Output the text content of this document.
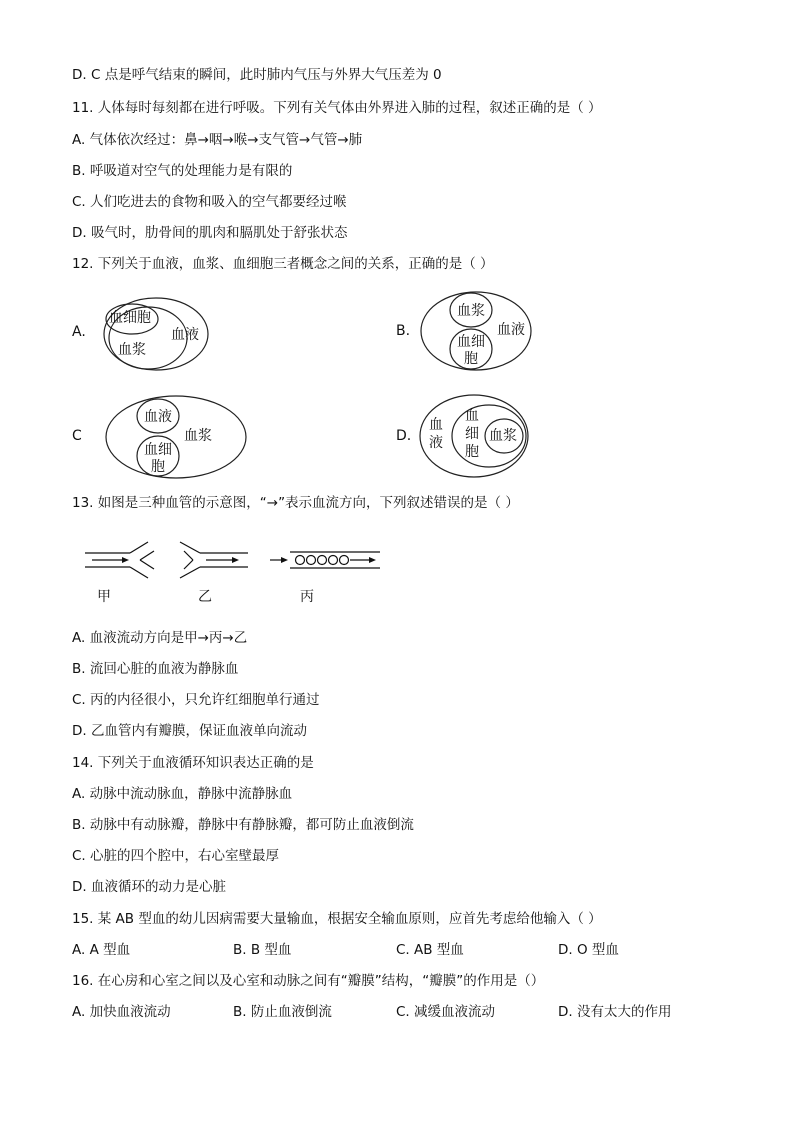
D. C 点是呼气结束的瞬间，此时肺内气压与外界大气压差为 0
11. 人体每时每刻都在进行呼吸。下列有关气体由外界进入肺的过程，叙述正确的是（ ）
A. 气体依次经过：鼻→咽→喉→支气管→气管→肺
B. 呼吸道对空气的处理能力是有限的
C. 人们吃进去的食物和吸入的空气都要经过喉
D. 吸气时，肋骨间的肌肉和膈肌处于舒张状态
12. 下列关于血液，血浆、血细胞三者概念之间的关系，正确的是（ ）
A.
血细胞
血浆
血液	B.
血浆
血细
胞
血液
C
血液
血细
胞
血浆	D.
血
液
血
细
胞
血浆
13. 如图是三种血管的示意图，“→”表示血流方向，下列叙述错误的是（ ）
甲	乙	丙
A. 血液流动方向是甲→丙→乙
B. 流回心脏的血液为静脉血
C. 丙的内径很小，只允许红细胞单行通过
D. 乙血管内有瓣膜，保证血液单向流动
14. 下列关于血液循环知识表达正确的是
A. 动脉中流动脉血，静脉中流静脉血
B. 动脉中有动脉瓣，静脉中有静脉瓣，都可防止血液倒流
C. 心脏的四个腔中，右心室壁最厚
D. 血液循环的动力是心脏
15. 某 AB 型血的幼儿因病需要大量输血，根据安全输血原则，应首先考虑给他输入（ ）
A. A 型血	B. B 型血	C. AB 型血	D. O 型血
16. 在心房和心室之间以及心室和动脉之间有“瓣膜”结构，“瓣膜”的作用是（）
A. 加快血液流动	B. 防止血液倒流	C. 减缓血液流动	D. 没有太大的作用
